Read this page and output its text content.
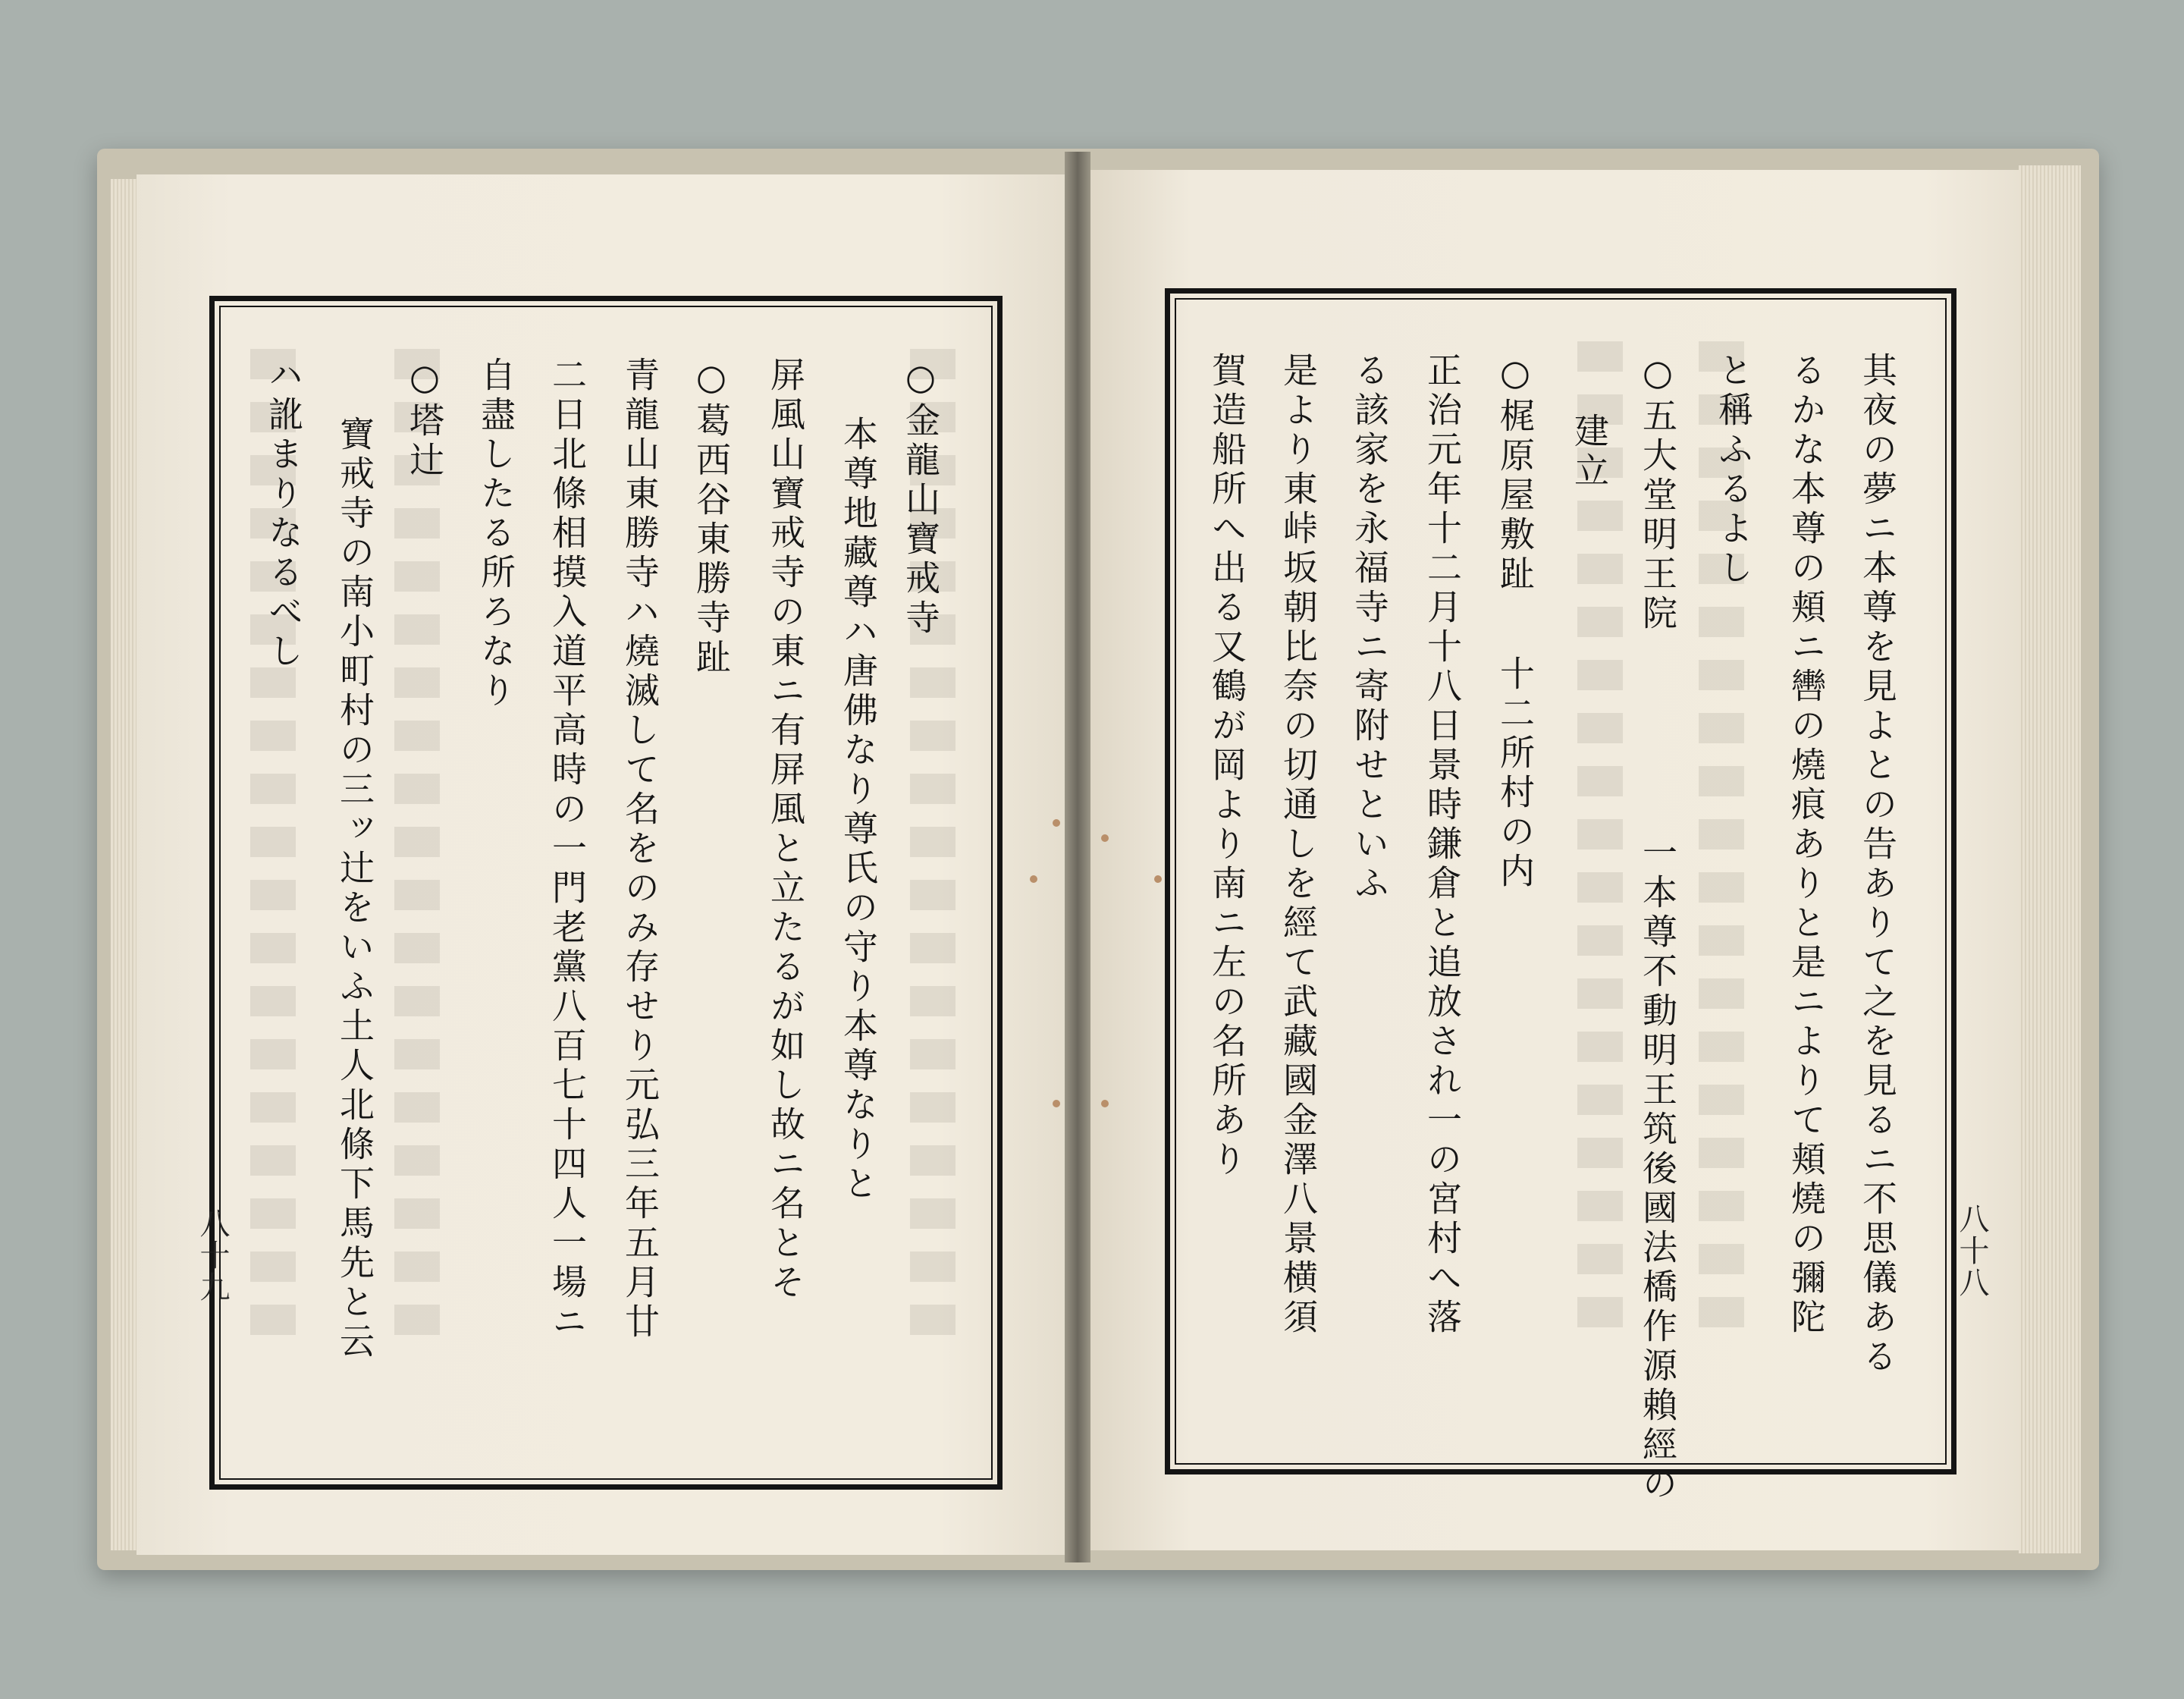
八十九
○金龍山寶戒寺
本尊地藏尊ハ唐佛なり尊氏の守り本尊なりと
屏風山寶戒寺の東ニ有屏風と立たるが如し故ニ名とそ
○葛西谷東勝寺趾
青龍山東勝寺ハ燒滅して名をのみ存せり元弘三年五月廿
二日北條相摸入道平高時の一門老黨八百七十四人一場ニ
自盡したる所ろなり
○塔辻
寶戒寺の南小町村の三ッ辻をいふ土人北條下馬先と云
ハ訛まりなるべし
八十八
其夜の夢ニ本尊を見よとの告ありて之を見るニ不思儀ある
るかな本尊の頬ニ轡の燒痕ありと是ニよりて頬燒の彌陀
と稱ふるよし
○五大堂明王院
一本尊不動明王筑後國法橋作源賴經の
建立
○梶原屋敷趾
十二所村の内
正治元年十二月十八日景時鎌倉と追放され一の宮村へ落
る該家を永福寺ニ寄附せといふ
是より東峠坂朝比奈の切通しを經て武藏國金澤八景横須
賀造船所へ出る又鶴が岡より南ニ左の名所あり
